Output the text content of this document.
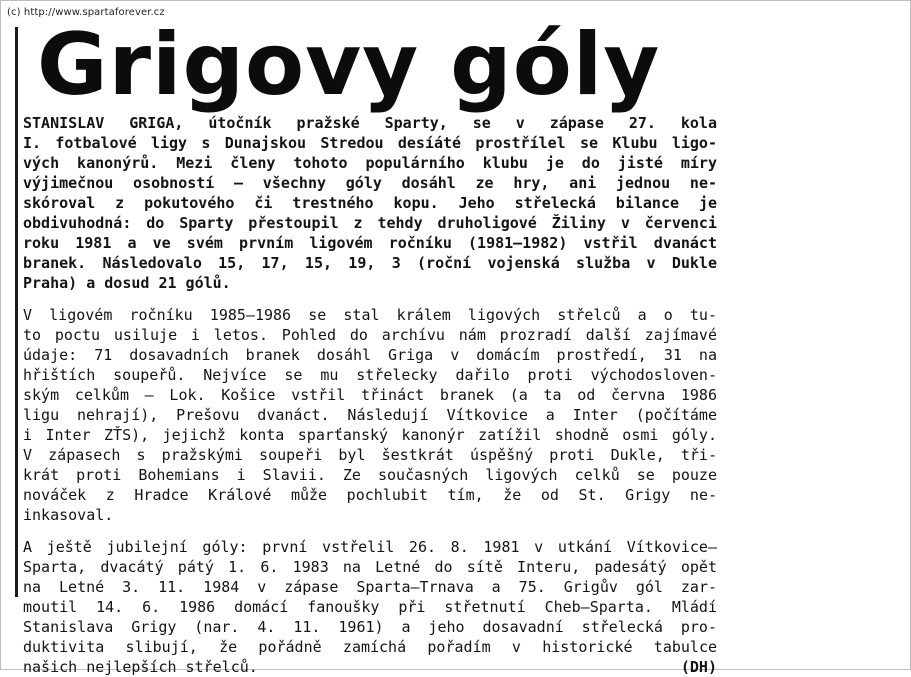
(c) http://www.spartaforever.cz
Grigovy góly
STANISLAV GRIGA, útočník pražské Sparty, se v zápase 27. kola
I. fotbalové ligy s Dunajskou Stredou desíáté prostřílel se Klubu ligo-
vých kanonýrů. Mezi členy tohoto populárního klubu je do jisté míry
výjimečnou osobností — všechny góly dosáhl ze hry, ani jednou ne-
skóroval z pokutového či trestného kopu. Jeho střelecká bilance je
obdivuhodná: do Sparty přestoupil z tehdy druholigové Žiliny v červenci
roku 1981 a ve svém prvním ligovém ročníku (1981—1982) vstřil dvanáct
branek. Následovalo 15, 17, 15, 19, 3 (roční vojenská služba v Dukle
Praha) a dosud 21 gólů.
V ligovém ročníku 1985—1986 se stal králem ligových střelců a o tu-
to poctu usiluje i letos. Pohled do archívu nám prozradí další zajímavé
údaje: 71 dosavadních branek dosáhl Griga v domácím prostředí, 31 na
hřištích soupeřů. Nejvíce se mu střelecky dařilo proti východosloven-
ským celkům — Lok. Košice vstřil třináct branek (a ta od června 1986
ligu nehrají), Prešovu dvanáct. Následují Vítkovice a Inter (počítáme
i Inter ZŤS), jejichž konta sparťanský kanonýr zatížil shodně osmi góly.
V zápasech s pražskými soupeři byl šestkrát úspěšný proti Dukle, tři-
krát proti Bohemians i Slavii. Ze současných ligových celků se pouze
nováček z Hradce Králové může pochlubit tím, že od St. Grigy ne-
inkasoval.
A ještě jubilejní góly: první vstřelil 26. 8. 1981 v utkání Vítkovice—
Sparta, dvacátý pátý 1. 6. 1983 na Letné do sítě Interu, padesátý opět
na Letné 3. 11. 1984 v zápase Sparta—Trnava a 75. Grigův gól zar-
moutil 14. 6. 1986 domácí fanoušky při střetnutí Cheb—Sparta. Mládí
Stanislava Grigy (nar. 4. 11. 1961) a jeho dosavadní střelecká pro-
duktivita slibují, že pořádně zamíchá pořadím v historické tabulce
našich nejlepších střelců.	(DH)
